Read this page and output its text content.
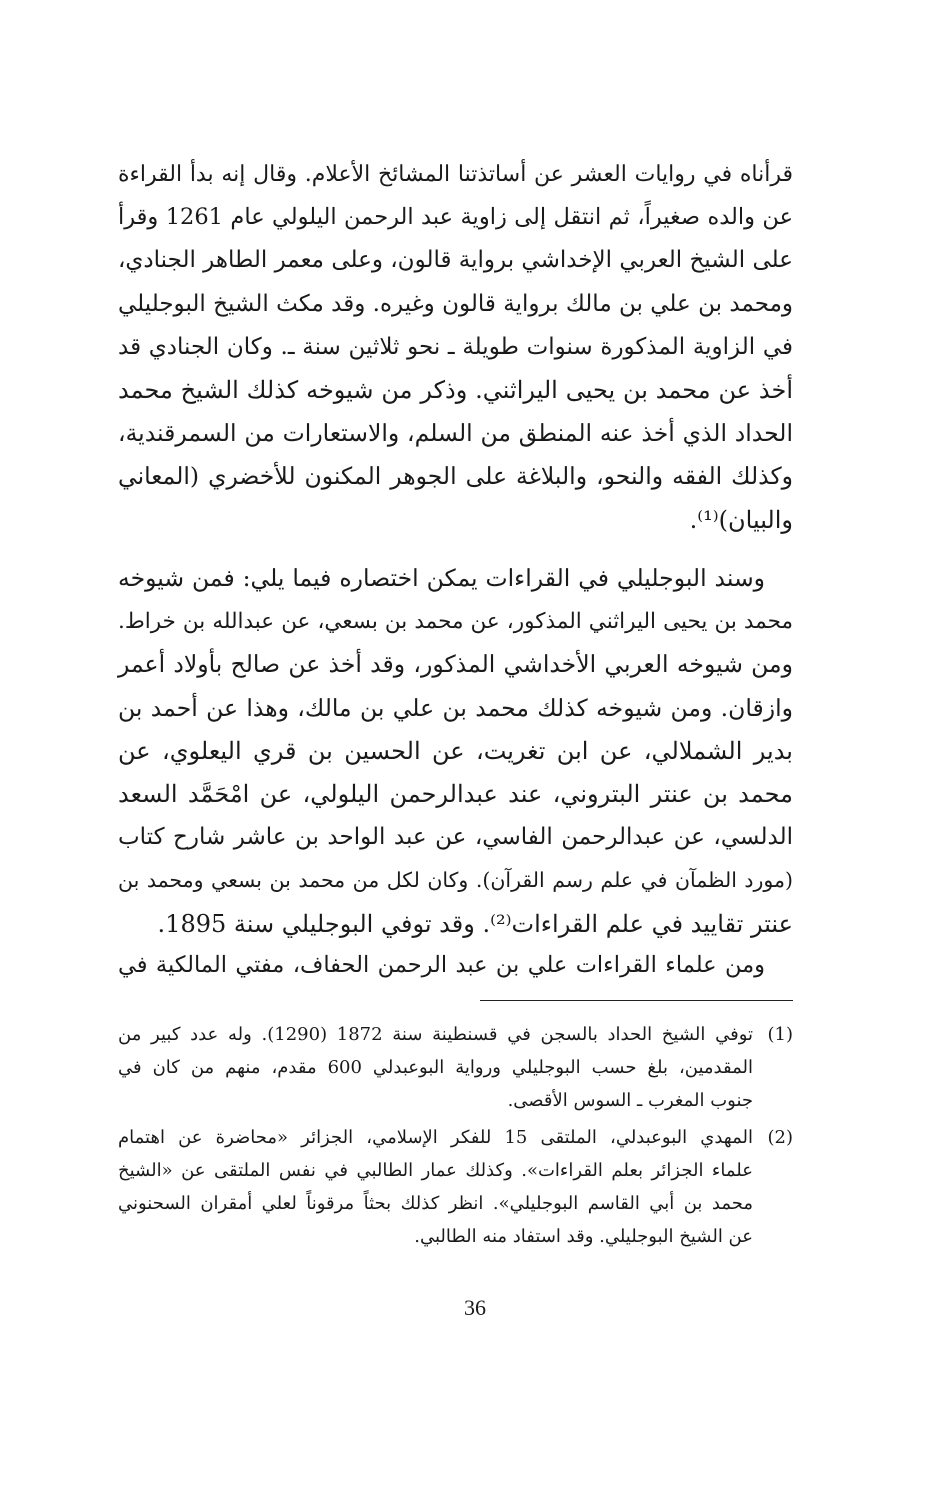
قرأناه في روايات العشر عن أساتذتنا المشائخ الأعلام. وقال إنه بدأ القراءة
عن والده صغيراً، ثم انتقل إلى زاوية عبد الرحمن اليلولي عام 1261 وقرأ
على الشيخ العربي الإخداشي برواية قالون، وعلى معمر الطاهر الجنادي،
ومحمد بن علي بن مالك برواية قالون وغيره. وقد مكث الشيخ البوجليلي
في الزاوية المذكورة سنوات طويلة ـ نحو ثلاثين سنة ـ. وكان الجنادي قد
أخذ عن محمد بن يحيى اليراثني. وذكر من شيوخه كذلك الشيخ محمد
الحداد الذي أخذ عنه المنطق من السلم، والاستعارات من السمرقندية،
وكذلك الفقه والنحو، والبلاغة على الجوهر المكنون للأخضري (المعاني
والبيان)⁽¹⁾.
وسند البوجليلي في القراءات يمكن اختصاره فيما يلي: فمن شيوخه
محمد بن يحيى اليراثني المذكور، عن محمد بن بسعي، عن عبدالله بن خراط.
ومن شيوخه العربي الأخداشي المذكور، وقد أخذ عن صالح بأولاد أعمر
وازقان. ومن شيوخه كذلك محمد بن علي بن مالك، وهذا عن أحمد بن
بدير الشملالي، عن ابن تغريت، عن الحسين بن قري اليعلوي، عن
محمد بن عنتر البتروني، عند عبدالرحمن اليلولي، عن امْحَمَّد السعد
الدلسي، عن عبدالرحمن الفاسي، عن عبد الواحد بن عاشر شارح كتاب
(مورد الظمآن في علم رسم القرآن). وكان لكل من محمد بن بسعي ومحمد بن
عنتر تقاييد في علم القراءات⁽²⁾. وقد توفي البوجليلي سنة 1895.
ومن علماء القراءات علي بن عبد الرحمن الحفاف، مفتي المالكية في
(1)
توفي الشيخ الحداد بالسجن في قسنطينة سنة 1872 (1290). وله عدد كبير من
المقدمين، بلغ حسب البوجليلي ورواية البوعبدلي 600 مقدم، منهم من كان في
جنوب المغرب ـ السوس الأقصى.
(2)
المهدي البوعبدلي، الملتقى 15 للفكر الإسلامي، الجزائر «محاضرة عن اهتمام
علماء الجزائر بعلم القراءات». وكذلك عمار الطالبي في نفس الملتقى عن «الشيخ
محمد بن أبي القاسم البوجليلي». انظر كذلك بحثاً مرقوناً لعلي أمقران السحنوني
عن الشيخ البوجليلي. وقد استفاد منه الطالبي.
36
